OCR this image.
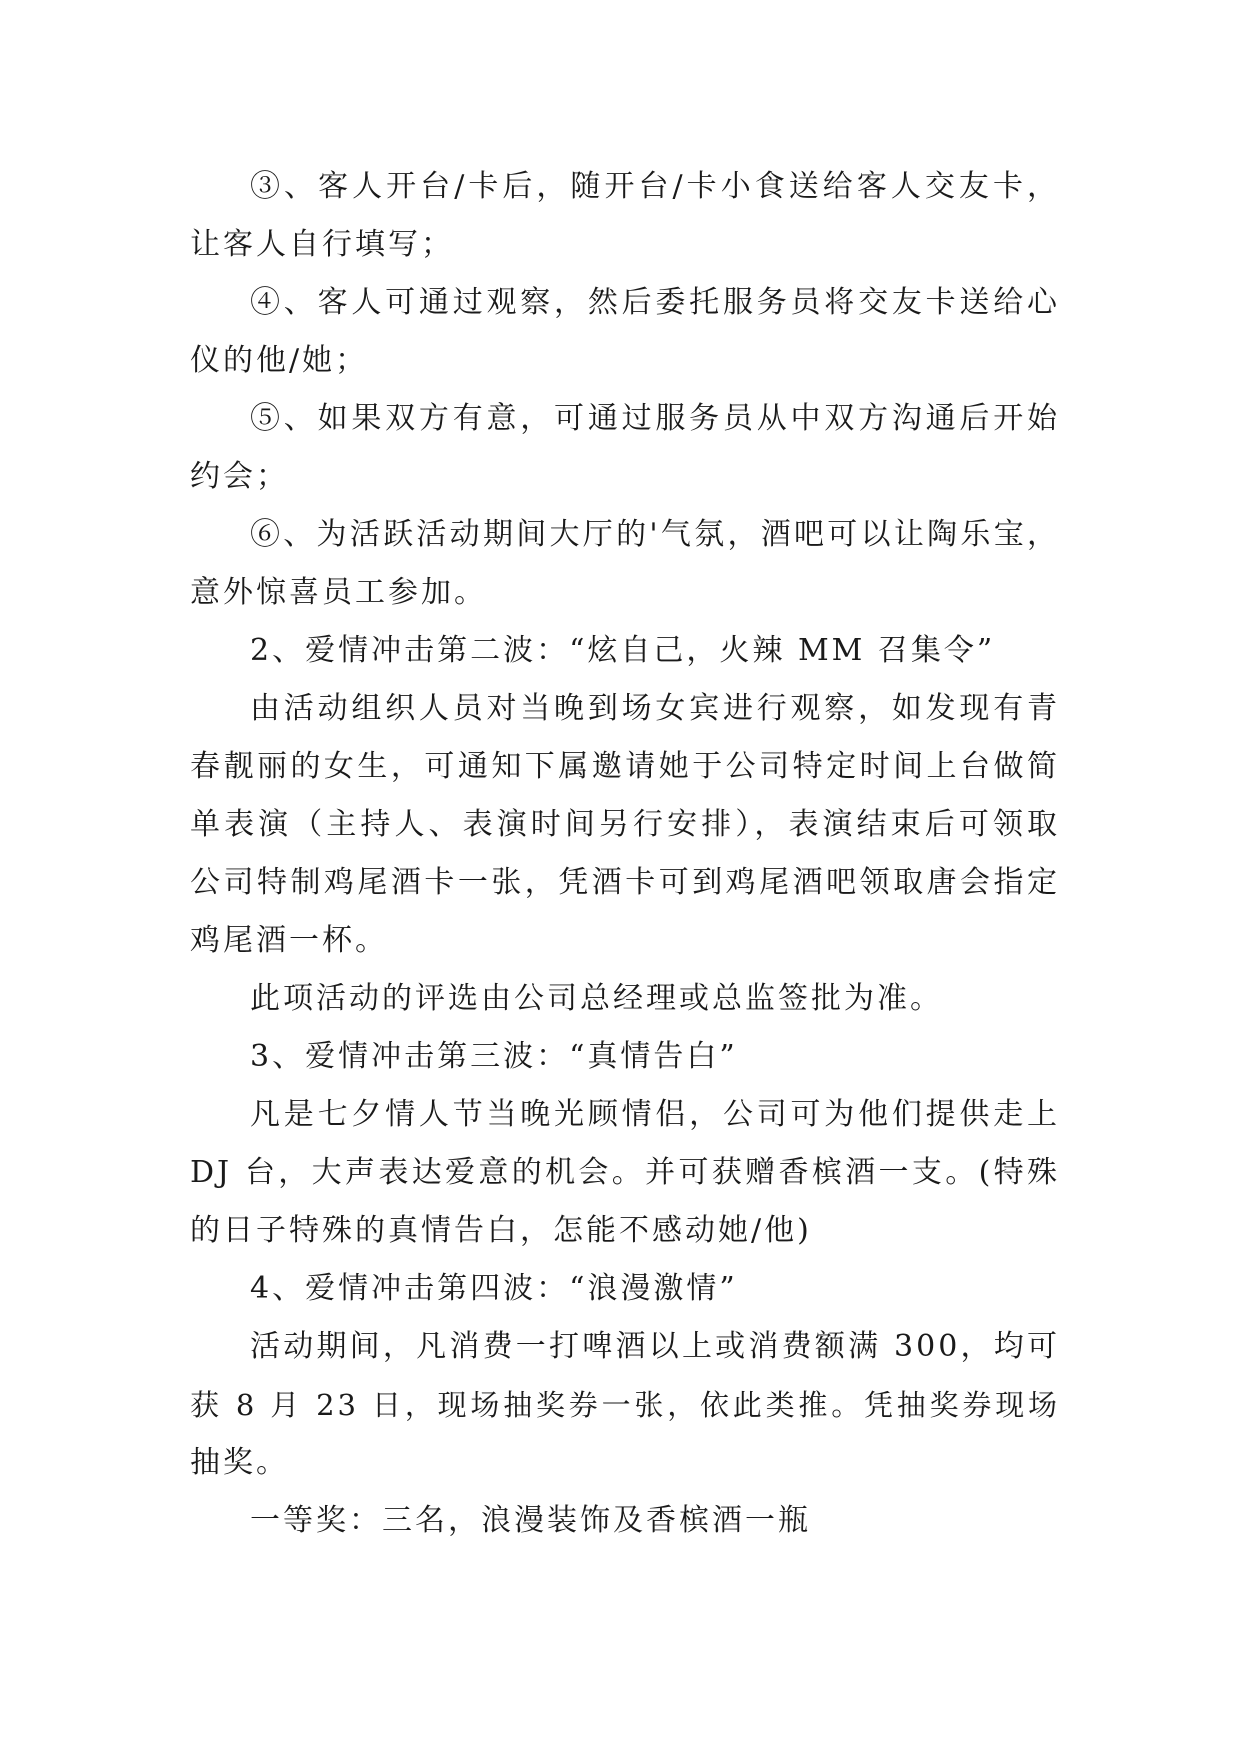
③、客人开台/卡后，随开台/卡小食送给客人交友卡，
让客人自行填写；
④、客人可通过观察，然后委托服务员将交友卡送给心
仪的他/她；
⑤、如果双方有意，可通过服务员从中双方沟通后开始
约会；
⑥、为活跃活动期间大厅的'气氛，酒吧可以让陶乐宝，
意外惊喜员工参加。
2、爱情冲击第二波：“炫自己，火辣 MM 召集令”
由活动组织人员对当晚到场女宾进行观察，如发现有青
春靓丽的女生，可通知下属邀请她于公司特定时间上台做简
单表演（主持人、表演时间另行安排），表演结束后可领取
公司特制鸡尾酒卡一张，凭酒卡可到鸡尾酒吧领取唐会指定
鸡尾酒一杯。
此项活动的评选由公司总经理或总监签批为准。
3、爱情冲击第三波：“真情告白”
凡是七夕情人节当晚光顾情侣，公司可为他们提供走上
DJ 台，大声表达爱意的机会。并可获赠香槟酒一支。(特殊
的日子特殊的真情告白，怎能不感动她/他)
4、爱情冲击第四波：“浪漫激情”
活动期间，凡消费一打啤酒以上或消费额满 300，均可
获 8 月 23 日，现场抽奖券一张，依此类推。凭抽奖券现场
抽奖。
一等奖：三名，浪漫装饰及香槟酒一瓶
